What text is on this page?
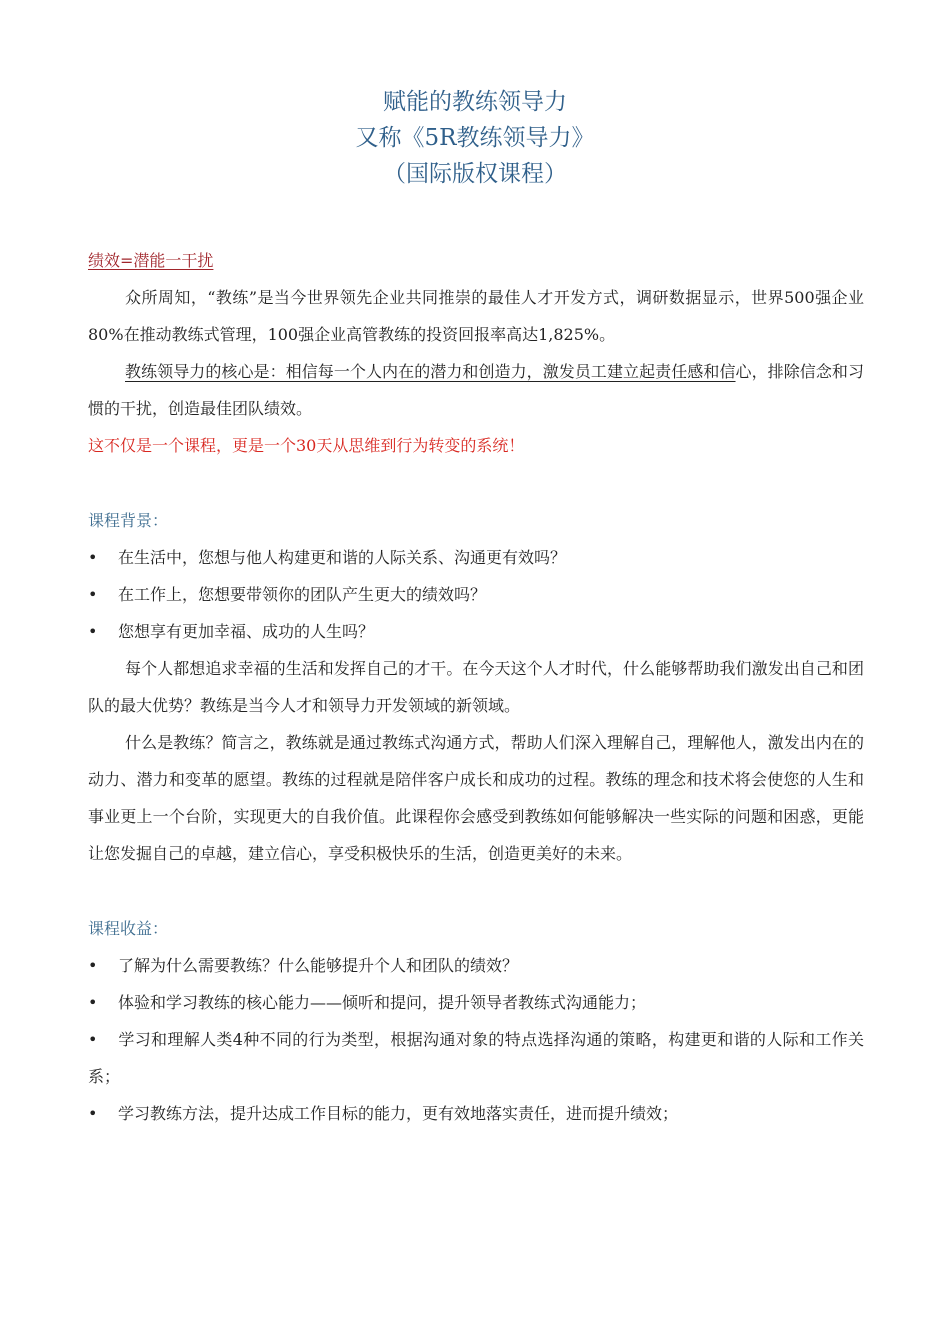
赋能的教练领导力
又称《5R教练领导力》
（国际版权课程）

绩效=潜能一干扰

众所周知，“教练”是当今世界领先企业共同推崇的最佳人才开发方式，调研数据显示，世界500强企业80%在推动教练式管理，100强企业高管教练的投资回报率高达1,825%。

教练领导力的核心是：相信每一个人内在的潜力和创造力，激发员工建立起责任感和信心，排除信念和习惯的干扰，创造最佳团队绩效。

这不仅是一个课程，更是一个30天从思维到行为转变的系统！

课程背景：

•	在生活中，您想与他人构建更和谐的人际关系、沟通更有效吗？
•	在工作上，您想要带领你的团队产生更大的绩效吗？
•	您想享有更加幸福、成功的人生吗？

每个人都想追求幸福的生活和发挥自己的才干。在今天这个人才时代，什么能够帮助我们激发出自己和团队的最大优势？教练是当今人才和领导力开发领域的新领域。

什么是教练？简言之，教练就是通过教练式沟通方式，帮助人们深入理解自己，理解他人，激发出内在的动力、潜力和变革的愿望。教练的过程就是陪伴客户成长和成功的过程。教练的理念和技术将会使您的人生和事业更上一个台阶，实现更大的自我价值。此课程你会感受到教练如何能够解决一些实际的问题和困惑，更能让您发掘自己的卓越，建立信心，享受积极快乐的生活，创造更美好的未来。

课程收益：

•	了解为什么需要教练？什么能够提升个人和团队的绩效？
•	体验和学习教练的核心能力——倾听和提问，提升领导者教练式沟通能力；

• 学习和理解人类4种不同的行为类型，根据沟通对象的特点选择沟通的策略，构建更和谐的人际和工作关系；

•	学习教练方法，提升达成工作目标的能力，更有效地落实责任，进而提升绩效；
